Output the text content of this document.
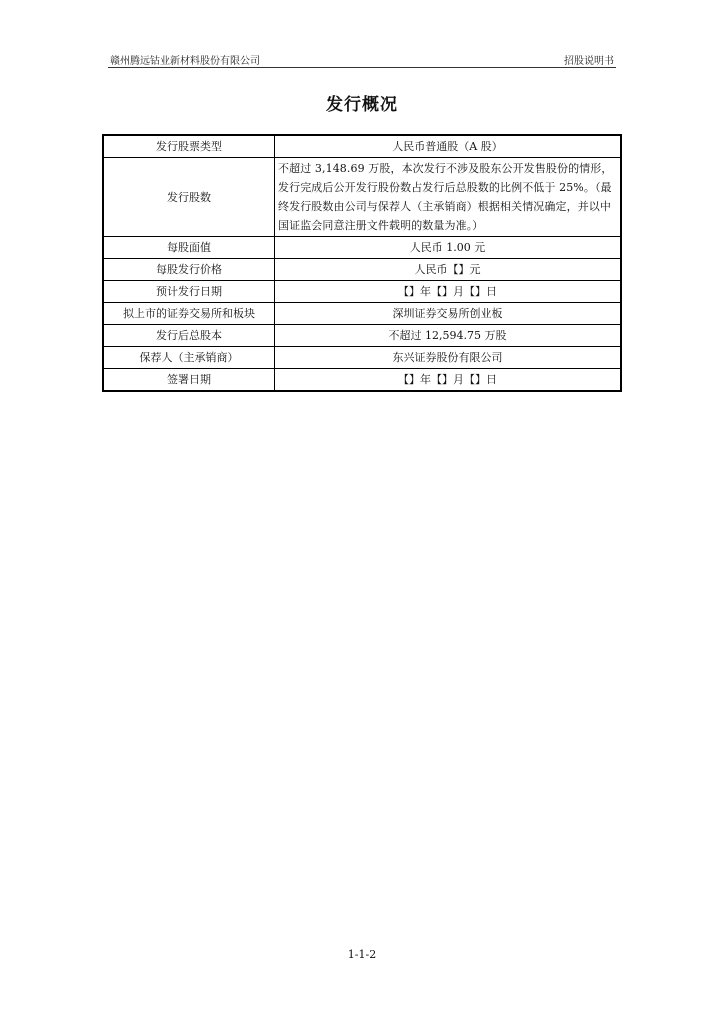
赣州腾远钴业新材料股份有限公司	招股说明书
发行概况
发行股票类型	人民币普通股（A 股）
发行股数	不超过 3,148.69 万股，本次发行不涉及股东公开发售股份的情形，发行完成后公开发行股份数占发行后总股数的比例不低于 25%。（最终发行股数由公司与保荐人（主承销商）根据相关情况确定，并以中国证监会同意注册文件载明的数量为准。）
每股面值	人民币 1.00 元
每股发行价格	人民币【】元
预计发行日期	【】年【】月【】日
拟上市的证券交易所和板块	深圳证券交易所创业板
发行后总股本	不超过 12,594.75 万股
保荐人（主承销商）	东兴证券股份有限公司
签署日期	【】年【】月【】日
1-1-2
